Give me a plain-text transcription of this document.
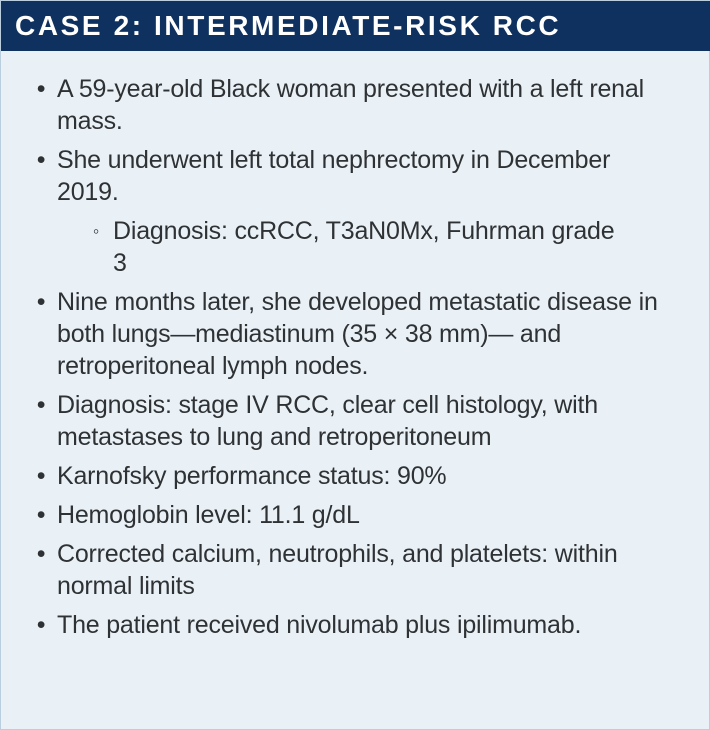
CASE 2: INTERMEDIATE-RISK RCC
• A 59-year-old Black woman presented with a left renal mass.
• She underwent left total nephrectomy in December 2019.
◦ Diagnosis: ccRCC, T3aN0Mx, Fuhrman grade 3
• Nine months later, she developed metastatic disease in both lungs—mediastinum (35 × 38 mm)— and retroperitoneal lymph nodes.
• Diagnosis: stage IV RCC, clear cell histology, with metastases to lung and retroperitoneum
• Karnofsky performance status: 90%
• Hemoglobin level: 11.1 g/dL
• Corrected calcium, neutrophils, and platelets: within normal limits
• The patient received nivolumab plus ipilimumab.
